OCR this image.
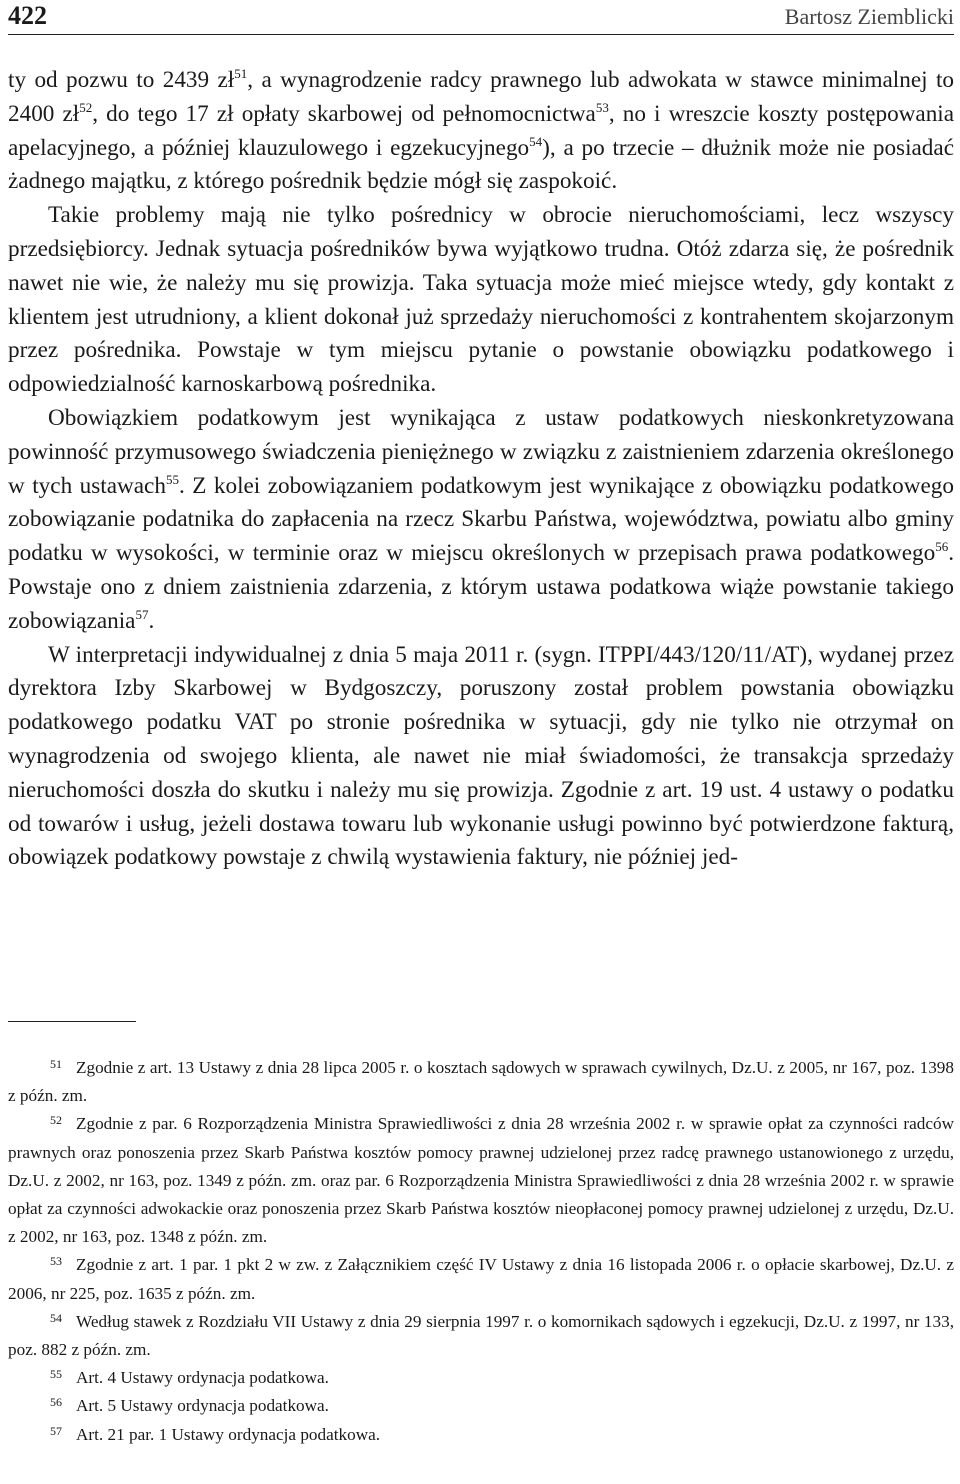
422	Bartosz Ziemblicki

ty od pozwu to 2439 zł$^{51}$, a wynagrodzenie radcy prawnego lub adwokata w stawce minimalnej to 2400 zł$^{52}$, do tego 17 zł opłaty skarbowej od pełnomocnictwa$^{53}$, no i wreszcie koszty postępowania apelacyjnego, a później klauzulowego i egzekucyjnego$^{54}$), a po trzecie – dłużnik może nie posiadać żadnego majątku, z którego pośrednik będzie mógł się zaspokoić.

Takie problemy mają nie tylko pośrednicy w obrocie nieruchomościami, lecz wszyscy przedsiębiorcy. Jednak sytuacja pośredników bywa wyjątkowo trudna. Otóż zdarza się, że pośrednik nawet nie wie, że należy mu się prowizja. Taka sytuacja może mieć miejsce wtedy, gdy kontakt z klientem jest utrudniony, a klient dokonał już sprzedaży nieruchomości z kontrahentem skojarzonym przez pośrednika. Powstaje w tym miejscu pytanie o powstanie obowiązku podatkowego i odpowiedzialność karnoskarbową pośrednika.

Obowiązkiem podatkowym jest wynikająca z ustaw podatkowych nieskonkretyzowana powinność przymusowego świadczenia pieniężnego w związku z zaistnieniem zdarzenia określonego w tych ustawach$^{55}$. Z kolei zobowiązaniem podatkowym jest wynikające z obowiązku podatkowego zobowiązanie podatnika do zapłacenia na rzecz Skarbu Państwa, województwa, powiatu albo gminy podatku w wysokości, w terminie oraz w miejscu określonych w przepisach prawa podatkowego$^{56}$. Powstaje ono z dniem zaistnienia zdarzenia, z którym ustawa podatkowa wiąże powstanie takiego zobowiązania$^{57}$.

W interpretacji indywidualnej z dnia 5 maja 2011 r. (sygn. ITPPI/443/120/11/AT), wydanej przez dyrektora Izby Skarbowej w Bydgoszczy, poruszony został problem powstania obowiązku podatkowego podatku VAT po stronie pośrednika w sytuacji, gdy nie tylko nie otrzymał on wynagrodzenia od swojego klienta, ale nawet nie miał świadomości, że transakcja sprzedaży nieruchomości doszła do skutku i należy mu się prowizja. Zgodnie z art. 19 ust. 4 ustawy o podatku od towarów i usług, jeżeli dostawa towaru lub wykonanie usługi powinno być potwierdzone fakturą, obowiązek podatkowy powstaje z chwilą wystawienia faktury, nie później jed-

51 Zgodnie z art. 13 Ustawy z dnia 28 lipca 2005 r. o kosztach sądowych w sprawach cywilnych, Dz.U. z 2005, nr 167, poz. 1398 z późn. zm.

52 Zgodnie z par. 6 Rozporządzenia Ministra Sprawiedliwości z dnia 28 września 2002 r. w sprawie opłat za czynności radców prawnych oraz ponoszenia przez Skarb Państwa kosztów pomocy prawnej udzielonej przez radcę prawnego ustanowionego z urzędu, Dz.U. z 2002, nr 163, poz. 1349 z późn. zm. oraz par. 6 Rozporządzenia Ministra Sprawiedliwości z dnia 28 września 2002 r. w sprawie opłat za czynności adwokackie oraz ponoszenia przez Skarb Państwa kosztów nieopłaconej pomocy prawnej udzielonej z urzędu, Dz.U. z 2002, nr 163, poz. 1348 z późn. zm.

53 Zgodnie z art. 1 par. 1 pkt 2 w zw. z Załącznikiem część IV Ustawy z dnia 16 listopada 2006 r. o opłacie skarbowej, Dz.U. z 2006, nr 225, poz. 1635 z późn. zm.

54 Według stawek z Rozdziału VII Ustawy z dnia 29 sierpnia 1997 r. o komornikach sądowych i egzekucji, Dz.U. z 1997, nr 133, poz. 882 z późn. zm.

55 Art. 4 Ustawy ordynacja podatkowa.

56 Art. 5 Ustawy ordynacja podatkowa.

57 Art. 21 par. 1 Ustawy ordynacja podatkowa.
